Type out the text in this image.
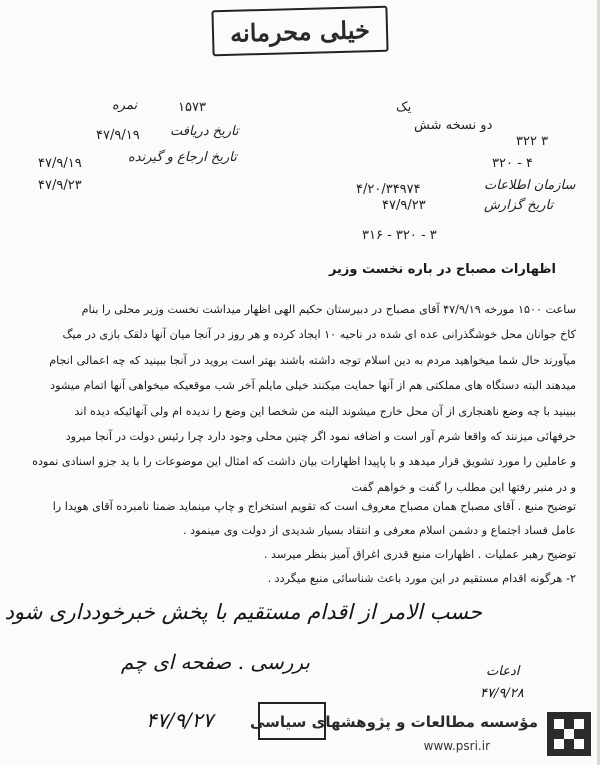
خیلی محرمانه
نمره	۱۵۷۳
تاریخ دریافت
۴۷/۹/۱۹
تاریخ ارجاع و گیرنده
۴۷/۹/۱۹
۴۷/۹/۲۳
یک
دو نسخه شش
۳۲۲ ۳
۳۲۰ - ۴
سازمان اطلاعات
۴/۲۰/۳۴۹۷۴
تاریخ گزارش
۴۷/۹/۲۳
۳۱۶ - ۳۲۰ - ۳
اظهارات مصباح در باره نخست وزیر

ساعت ۱۵۰۰ مورخه ۴۷/۹/۱۹ آقای مصباح در دبیرستان حکیم الهی اظهار میداشت نخست وزیر محلی را بنام

کاخ جوانان محل خوشگذرانی عده ای شده در ناحیه ۱۰ ایجاد کرده و هر روز در آنجا میان آنها دلقک بازی در میگ

میآورند حال شما میخواهید مردم به دین اسلام توجه داشته باشند بهتر است بروید در آنجا ببینید که چه اعمالی انجام

میدهند البته دستگاه های مملکتی هم از آنها حمایت میکنند خیلی مایلم آخر شب موقعیکه میخواهی آنها اتمام میشود

ببینید با چه وضع ناهنجاری از آن محل خارج میشوند البته من شخصا این وضع را ندیده ام ولی آنهائیکه دیده اند

حرفهائی میزنند که واقعا شرم آور است و اضافه نمود اگر چنین محلی وجود دارد چرا رئیس دولت در آنجا میرود

و عاملین را مورد تشویق قرار میدهد و با پاپیدا اظهارات بیان داشت که امثال این موضوعات را با ید جزو اسنادی نموده

و در منبر رفتها این مطلب را گفت و خواهم گفت

توضیح منبع . آقای مصباح همان مصباح معروف است که تقویم استخراج و چاپ مینماید ضمنا نامبرده آقای هویدا را

عامل فساد اجتماع و دشمن اسلام معرفی و انتقاد بسیار شدیدی از دولت وی مینمود .

توضیح رهبر عملیات . اظهارات منبع قدری اغراق آمیز بنظر میرسد .

۲- هرگونه اقدام مستقیم در این مورد باعث شناسائی منبع میگردد .

حسب الامر از اقدام مستقیم با پخش خبرخودداری شود
بررسی . صفحه ای چم
۴۷/۹/۲۷
ادعات
۴۷/۹/۲۸
مؤسسه مطالعات و پژوهشهای سیاسی
www.psri.ir
